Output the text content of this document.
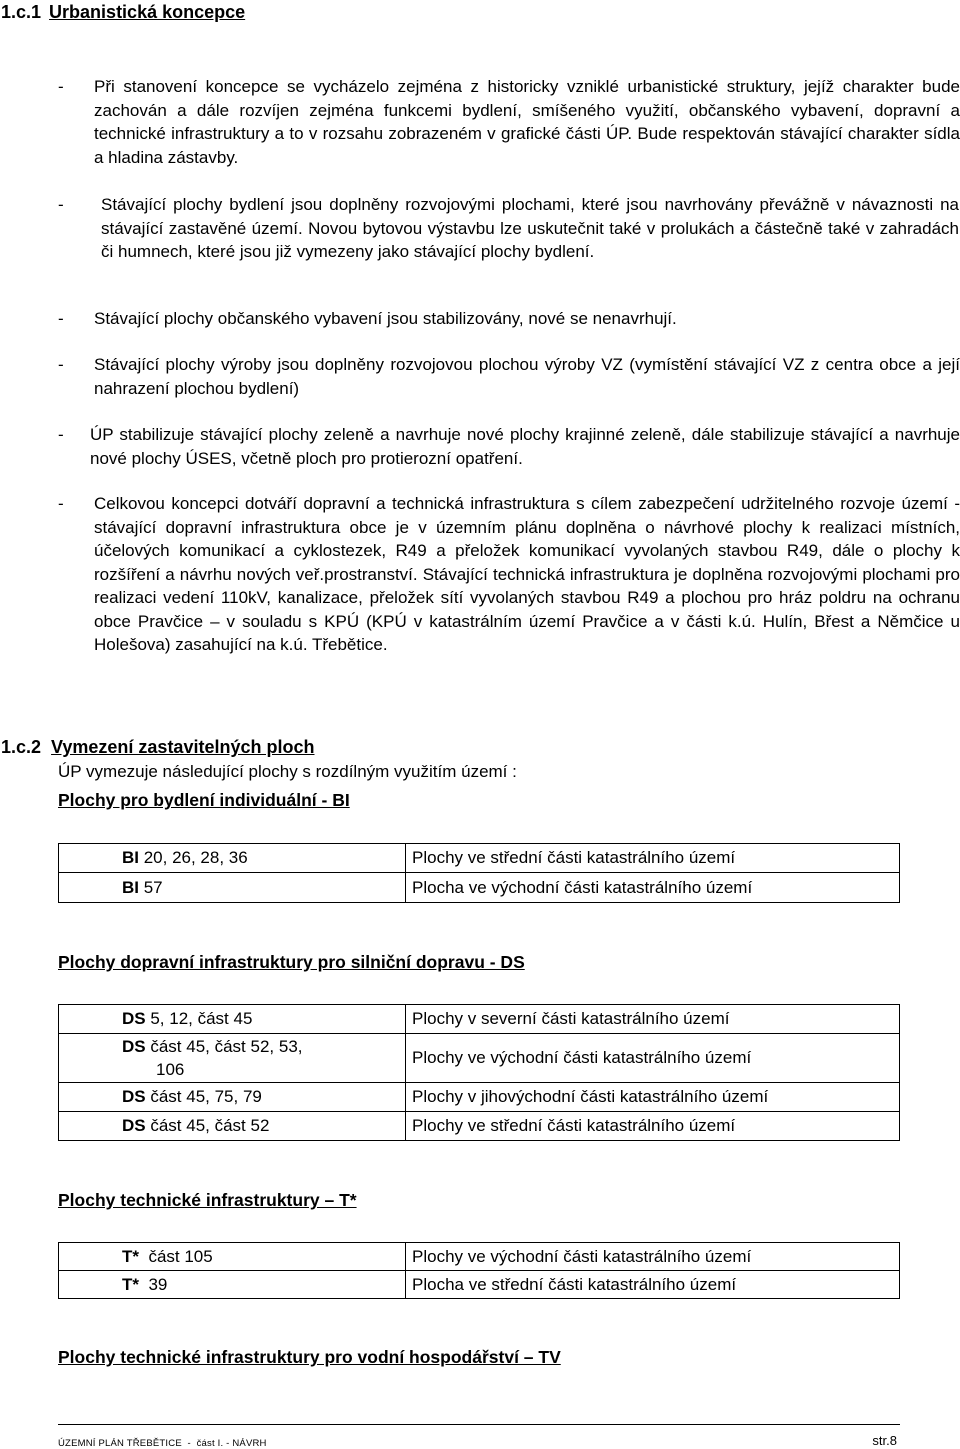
1.c.1 Urbanistická koncepce
- Při stanovení koncepce se vycházelo zejména z historicky vzniklé urbanistické struktury, jejíž charakter bude zachován a dále rozvíjen zejména funkcemi bydlení, smíšeného využití, občanského vybavení, dopravní a technické infrastruktury a to v rozsahu zobrazeném v grafické části ÚP. Bude respektován stávající charakter sídla a hladina zástavby.
- Stávající plochy bydlení jsou doplněny rozvojovými plochami, které jsou navrhovány převážně v návaznosti na stávající zastavěné území. Novou bytovou výstavbu lze uskutečnit také v prolukách a částečně také v zahradách či humnech, které jsou již vymezeny jako stávající plochy bydlení.
- Stávající plochy občanského vybavení jsou stabilizovány, nové se nenavrhují.
- Stávající plochy výroby jsou doplněny rozvojovou plochou výroby VZ (vymístění stávající VZ z centra obce a její nahrazení plochou bydlení)
- ÚP stabilizuje stávající plochy zeleně a navrhuje nové plochy krajinné zeleně, dále stabilizuje stávající a navrhuje nové plochy ÚSES, včetně ploch pro protierozní opatření.
- Celkovou koncepci dotváří dopravní a technická infrastruktura s cílem zabezpečení udržitelného rozvoje území - stávající dopravní infrastruktura obce je v územním plánu doplněna o návrhové plochy k realizaci místních, účelových komunikací a cyklostezek, R49 a přeložek komunikací vyvolaných stavbou R49, dále o plochy k rozšíření a návrhu nových veř.prostranství. Stávající technická infrastruktura je doplněna rozvojovými plochami pro realizaci vedení 110kV, kanalizace, přeložek sítí vyvolaných stavbou R49 a plochou pro hráz poldru na ochranu obce Pravčice – v souladu s KPÚ (KPÚ v katastrálním území Pravčice a v části k.ú. Hulín, Břest a Němčice u Holešova) zasahující na k.ú. Třebětice.
1.c.2 Vymezení zastavitelných ploch
ÚP vymezuje následující plochy s rozdílným využitím území :
Plochy pro bydlení individuální - BI
BI 20, 26, 28, 36	Plochy ve střední části katastrálního území
BI 57	Plocha ve východní části katastrálního území
Plochy dopravní infrastruktury pro silniční dopravu - DS
DS 5, 12, část 45	Plochy v severní části katastrálního území
DS část 45, část 52, 53,
106	Plochy ve východní části katastrálního území
DS část 45, 75, 79	Plochy v jihovýchodní části katastrálního území
DS část 45, část 52	Plochy ve střední části katastrálního území
Plochy technické infrastruktury – T*
T*  část 105	Plochy ve východní části katastrálního území
T*  39	Plocha ve střední části katastrálního území
Plochy technické infrastruktury pro vodní hospodářství – TV
ÚZEMNÍ PLÁN TŘEBĚTICE  -  část I. - NÁVRH	str.8
